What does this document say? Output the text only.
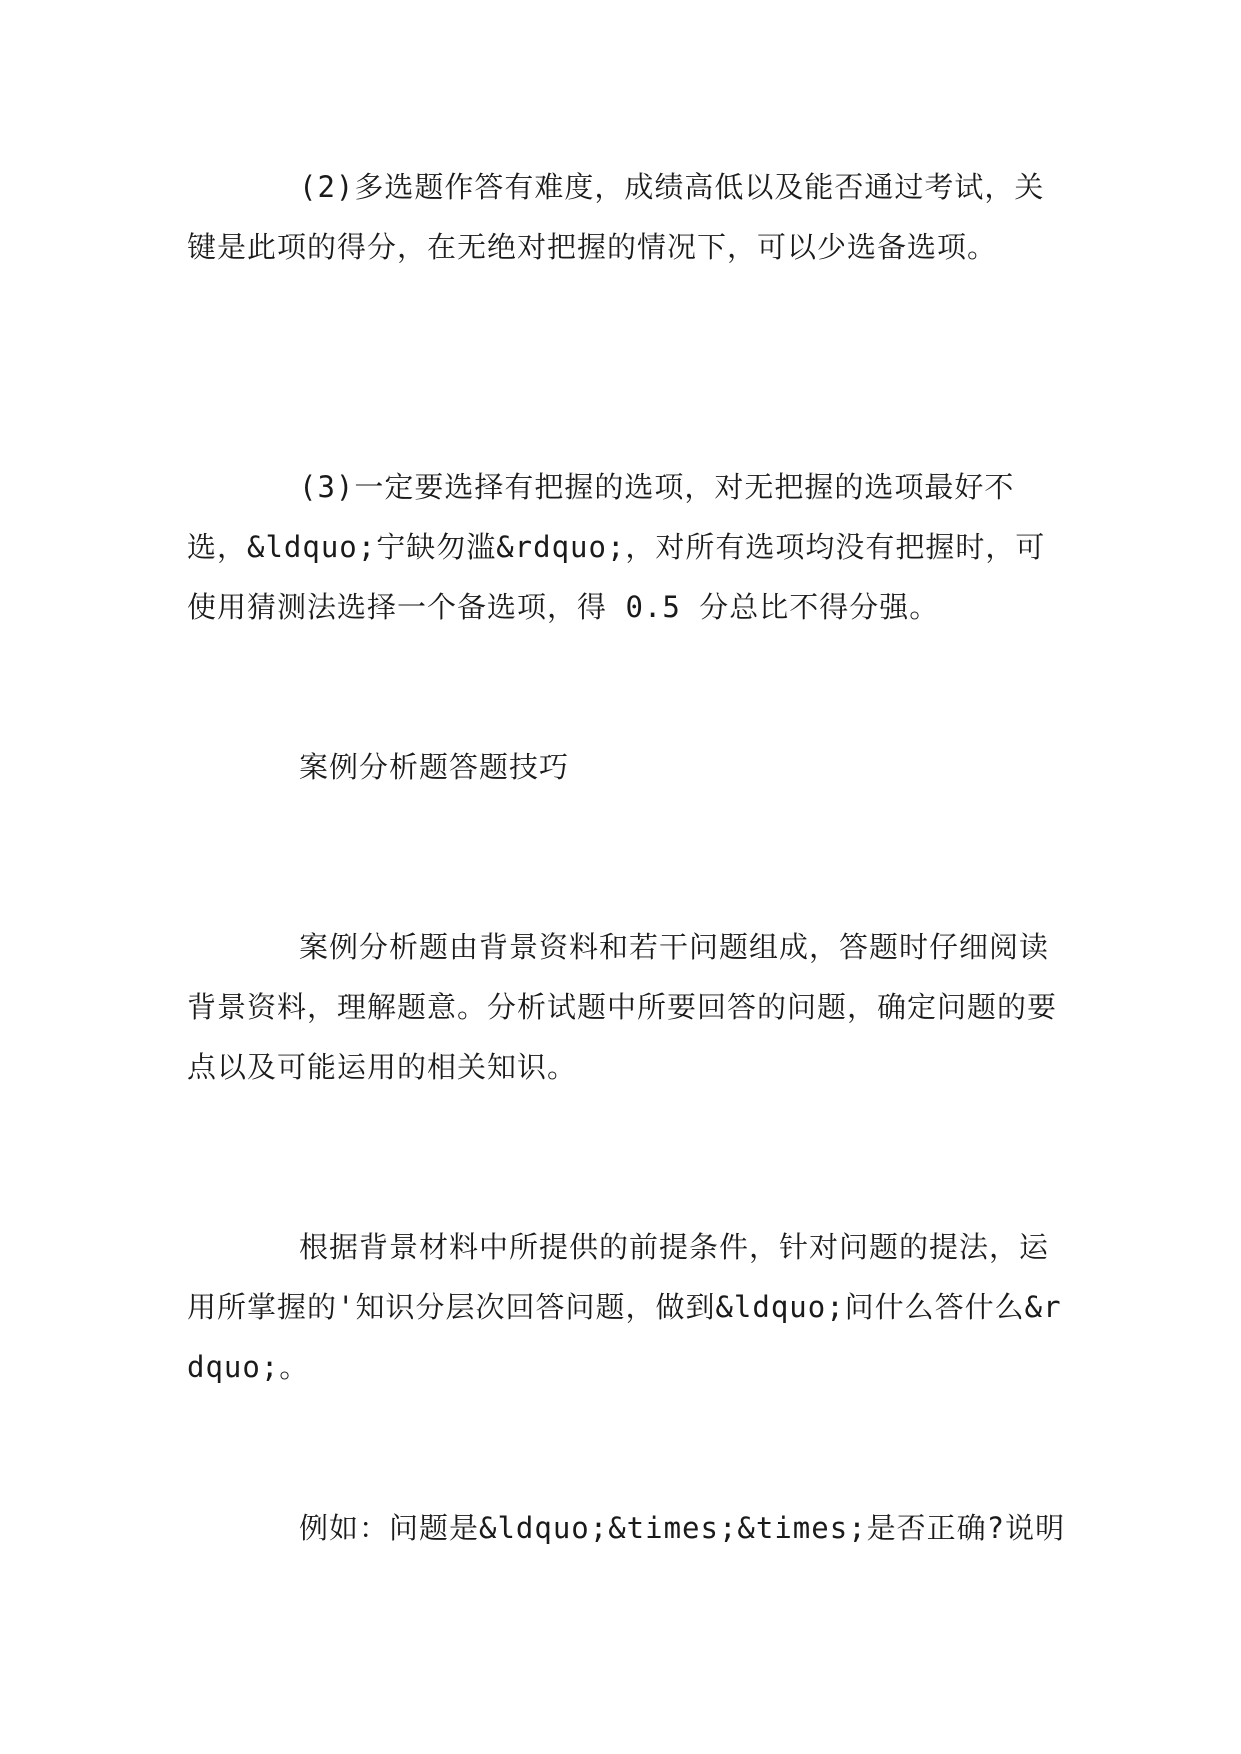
(2)多选题作答有难度，成绩高低以及能否通过考试，关键是此项的得分，在无绝对把握的情况下，可以少选备选项。

(3)一定要选择有把握的选项，对无把握的选项最好不选，&ldquo;宁缺勿滥&rdquo;，对所有选项均没有把握时，可使用猜测法选择一个备选项，得 0.5 分总比不得分强。

案例分析题答题技巧

案例分析题由背景资料和若干问题组成，答题时仔细阅读背景资料，理解题意。分析试题中所要回答的问题，确定问题的要点以及可能运用的相关知识。

根据背景材料中所提供的前提条件，针对问题的提法，运用所掌握的'知识分层次回答问题，做到&ldquo;问什么答什么&rdquo;。

例如：问题是&ldquo;&times;&times;是否正确?说明
